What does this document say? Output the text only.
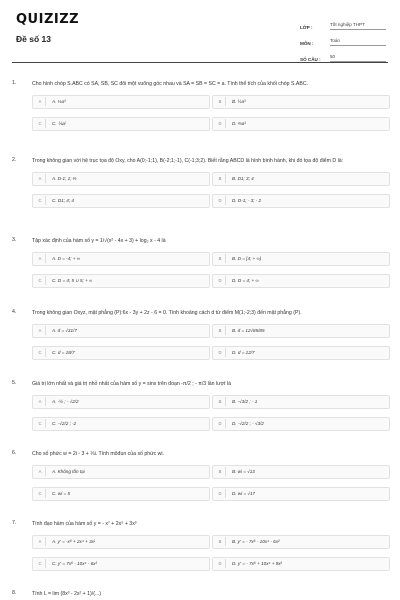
QUIZIZZ
Đề số 13
LỚP :
Tốt nghiệp THPT
MÔN :
Toán
SỐ CÂU :
50
1.	Cho hình chóp S.ABC có SA, SB, SC đôi một vuông góc nhau và SA = SB = SC = a. Tính thể tích của khối chóp S.ABC.
A	A. ⅓a³	B	B. ½a³
C	C. ⅙a³	D	D. ⅔a³
2.	Trong không gian với hệ trục tọa độ Oxy, cho A(0;-1;1), B(-2;1;-1), C(-1;3;2). Biết rằng ABCD là hình bình hành, khi đó tọa độ điểm D là:
A	A. D-1; 1; ⅔	B	B. D1; 3; 4
C	C. D1; 4; 4	D	D. D-1; - 3; - 2
3.	Tập xác định của hàm số y = 1/√(x² - 4x + 3) + log₂ x - 4 là
A	A. D = -4; + ∞	B	B. D = [4; + ∞)
C	C. D = 4; 5 ∪ 5; + ∞	D	D. D = 4; + ∞
4.	Trong không gian Oxyz, mặt phẳng (P):6x - 3y + 2z - 6 = 0. Tính khoảng cách d từ điểm M(1;-2;3) đến mặt phẳng (P).
A	A. d = √31/7	B	B. d = 12√85/85
C	C. d = 18/7	D	D. d = 12/7
5.	Giá trị lớn nhất và giá trị nhỏ nhất của hàm số y = sinx trên đoạn -π/2 ; - π/3 lần lượt là
A	A. -½ ; - √2/2	B	B. -√3/2 ; - 1
C	C. -√2/2 ; -2	D	D. -√2/2 ; - √3/2
6.	Cho số phức w = 2i - 3 + ⅓i. Tính môđun của số phức wi.
A	A. Không tồn tại	B	B. wi = √13
C	C. wi = 5	D	D. wi = √17
7.	Tính đạo hàm của hàm số y = - x⁷ + 2x⁵ + 3x³
A	A. y' = -x⁶ + 2x⁴ + 3x²	B	B. y' = - 7x⁶ - 10x⁴ - 6x²
C	C. y' = 7x⁶ - 10x⁴ - 6x²	D	D. y' = - 7x⁶ + 10x⁴ + 9x²
8.	Tính L = lim (8x³ - 2x² + 1)/(...)
